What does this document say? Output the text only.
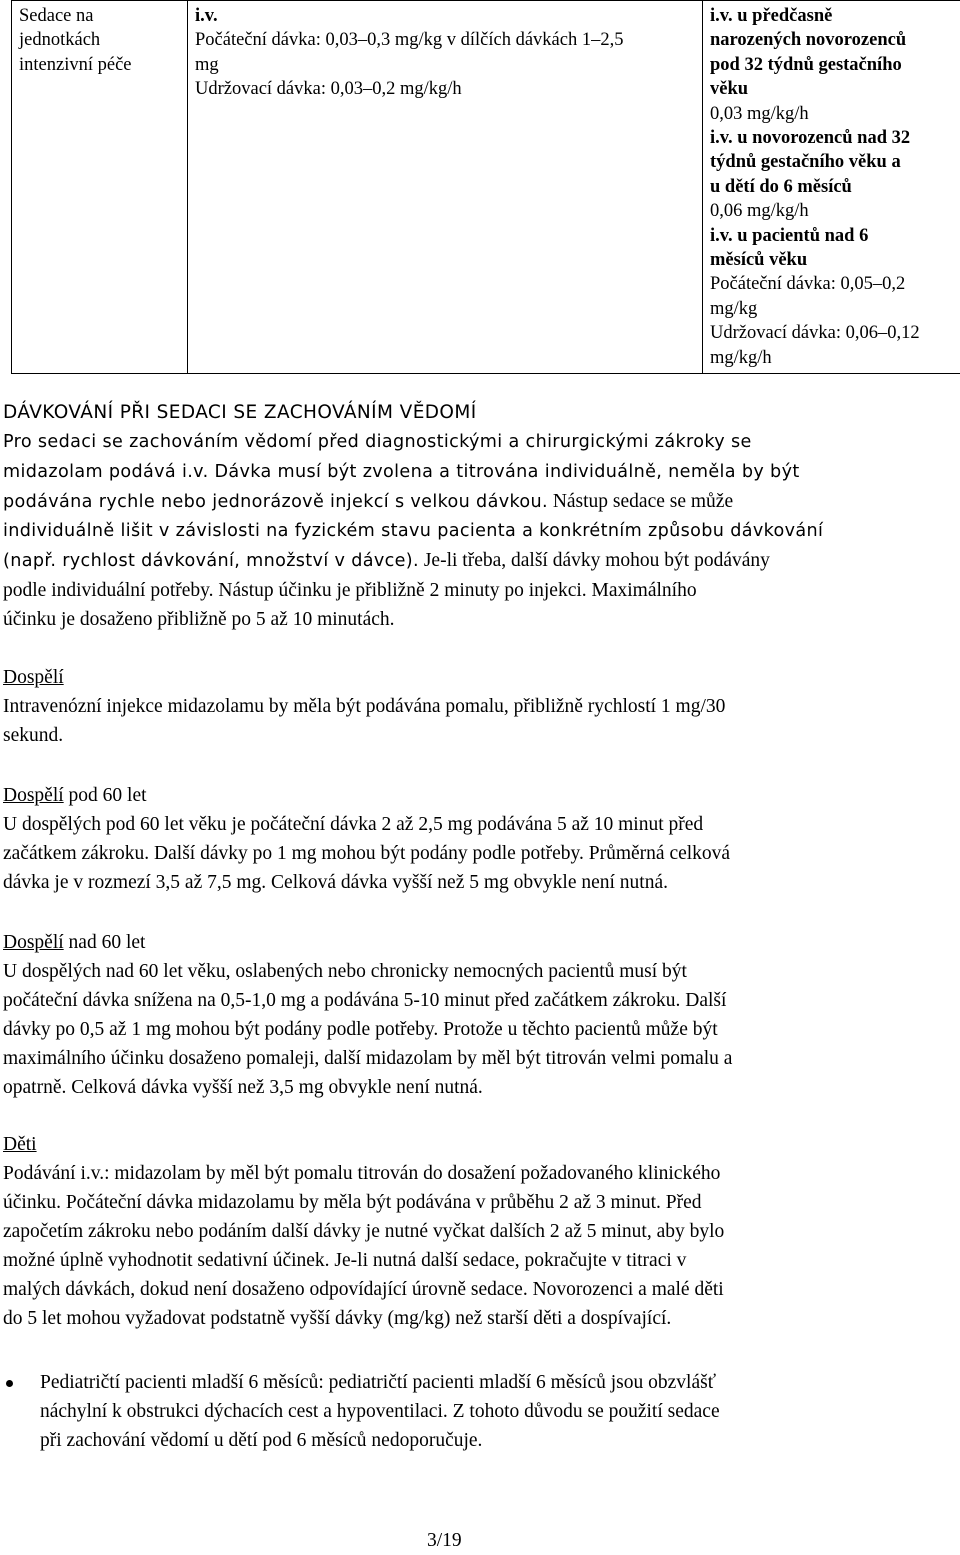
Sedace na
jednotkách
intenzivní péče

i.v.
Počáteční dávka: 0,03–0,3 mg/kg v dílčích dávkách 1–2,5
mg
Udržovací dávka: 0,03–0,2 mg/kg/h

i.v. u předčasně
narozených novorozenců
pod 32 týdnů gestačního
věku
0,03 mg/kg/h
i.v. u novorozenců nad 32
týdnů gestačního věku a
u dětí do 6 měsíců
0,06 mg/kg/h
i.v. u pacientů nad 6
měsíců věku
Počáteční dávka: 0,05–0,2
mg/kg
Udržovací dávka: 0,06–0,12
mg/kg/h
DÁVKOVÁNÍ PŘI SEDACI SE ZACHOVÁNÍM VĚDOMÍ
Pro sedaci se zachováním vědomí před diagnostickými a chirurgickými zákroky se
midazolam podává i.v. Dávka musí být zvolena a titrována individuálně, neměla by být
podávána rychle nebo jednorázově injekcí s velkou dávkou. Nástup sedace se může
individuálně lišit v závislosti na fyzickém stavu pacienta a konkrétním způsobu dávkování
(např. rychlost dávkování, množství v dávce). Je-li třeba, další dávky mohou být podávány
podle individuální potřeby. Nástup účinku je přibližně 2 minuty po injekci. Maximálního
účinku je dosaženo přibližně po 5 až 10 minutách.
Dospělí
Intravenózní injekce midazolamu by měla být podávána pomalu, přibližně rychlostí 1 mg/30
sekund.
Dospělí pod 60 let
U dospělých pod 60 let věku je počáteční dávka 2 až 2,5 mg podávána 5 až 10 minut před
začátkem zákroku. Další dávky po 1 mg mohou být podány podle potřeby. Průměrná celková
dávka je v rozmezí 3,5 až 7,5 mg. Celková dávka vyšší než 5 mg obvykle není nutná.
Dospělí nad 60 let
U dospělých nad 60 let věku, oslabených nebo chronicky nemocných pacientů musí být
počáteční dávka snížena na 0,5-1,0 mg a podávána 5-10 minut před začátkem zákroku. Další
dávky po 0,5 až 1 mg mohou být podány podle potřeby. Protože u těchto pacientů může být
maximálního účinku dosaženo pomaleji, další midazolam by měl být titrován velmi pomalu a
opatrně. Celková dávka vyšší než 3,5 mg obvykle není nutná.
Děti
Podávání i.v.: midazolam by měl být pomalu titrován do dosažení požadovaného klinického
účinku. Počáteční dávka midazolamu by měla být podávána v průběhu 2 až 3 minut. Před
započetím zákroku nebo podáním další dávky je nutné vyčkat dalších 2 až 5 minut, aby bylo
možné úplně vyhodnotit sedativní účinek. Je-li nutná další sedace, pokračujte v titraci v
malých dávkách, dokud není dosaženo odpovídající úrovně sedace. Novorozenci a malé děti
do 5 let mohou vyžadovat podstatně vyšší dávky (mg/kg) než starší děti a dospívající.
Pediatričtí pacienti mladší 6 měsíců: pediatričtí pacienti mladší 6 měsíců jsou obzvlášť
náchylní k obstrukci dýchacích cest a hypoventilaci. Z tohoto důvodu se použití sedace
při zachování vědomí u dětí pod 6 měsíců nedoporučuje.
3/19
